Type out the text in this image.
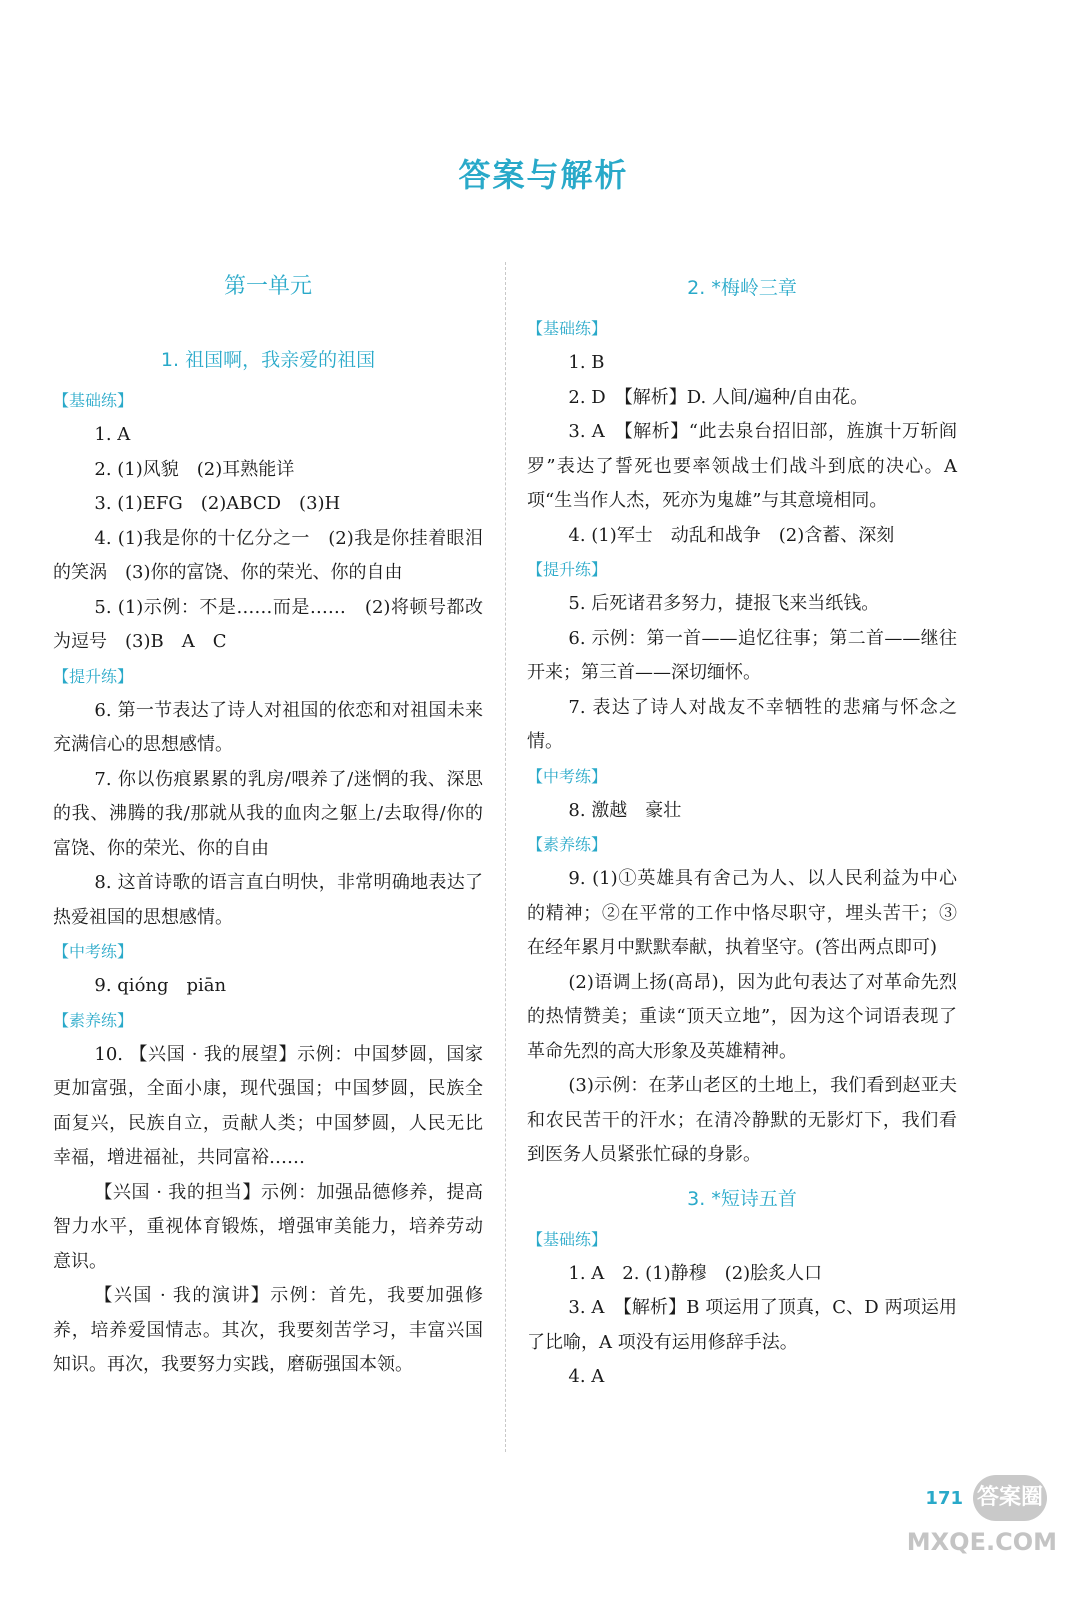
答案与解析
第一单元
1. 祖国啊，我亲爱的祖国
【基础练】
1. A
2. (1)风貌　(2)耳熟能详
3. (1)EFG　(2)ABCD　(3)H
4. (1)我是你的十亿分之一　(2)我是你挂着眼泪的笑涡　(3)你的富饶、你的荣光、你的自由
5. (1)示例：不是……而是……　(2)将顿号都改为逗号　(3)B　A　C
【提升练】
6. 第一节表达了诗人对祖国的依恋和对祖国未来充满信心的思想感情。
7. 你以伤痕累累的乳房/喂养了/迷惘的我、深思的我、沸腾的我/那就从我的血肉之躯上/去取得/你的富饶、你的荣光、你的自由
8. 这首诗歌的语言直白明快，非常明确地表达了热爱祖国的思想感情。
【中考练】
9. qióng　piān
【素养练】
10. 【兴国 · 我的展望】示例：中国梦圆，国家更加富强，全面小康，现代强国；中国梦圆，民族全面复兴，民族自立，贡献人类；中国梦圆，人民无比幸福，增进福祉，共同富裕……
【兴国 · 我的担当】示例：加强品德修养，提高智力水平，重视体育锻炼，增强审美能力，培养劳动意识。
【兴国 · 我的演讲】示例：首先，我要加强修养，培养爱国情志。其次，我要刻苦学习，丰富兴国知识。再次，我要努力实践，磨砺强国本领。
2. *梅岭三章
【基础练】
1. B
2. D　【解析】D. 人间/遍种/自由花。
3. A　【解析】“此去泉台招旧部，旌旗十万斩阎罗”表达了誓死也要率领战士们战斗到底的决心。A 项“生当作人杰，死亦为鬼雄”与其意境相同。
4. (1)军士　动乱和战争　(2)含蓄、深刻
【提升练】
5. 后死诸君多努力，捷报飞来当纸钱。
6. 示例：第一首——追忆往事；第二首——继往开来；第三首——深切缅怀。
7. 表达了诗人对战友不幸牺牲的悲痛与怀念之情。
【中考练】
8. 激越　豪壮
【素养练】
9. (1)①英雄具有舍己为人、以人民利益为中心的精神；②在平常的工作中恪尽职守，埋头苦干；③在经年累月中默默奉献，执着坚守。(答出两点即可)
(2)语调上扬(高昂)，因为此句表达了对革命先烈的热情赞美；重读“顶天立地”，因为这个词语表现了革命先烈的高大形象及英雄精神。
(3)示例：在茅山老区的土地上，我们看到赵亚夫和农民苦干的汗水；在清冷静默的无影灯下，我们看到医务人员紧张忙碌的身影。
3. *短诗五首
【基础练】
1. A　2. (1)静穆　(2)脍炙人口
3. A　【解析】B 项运用了顶真，C、D 两项运用了比喻，A 项没有运用修辞手法。
4. A
171 答案圈
MXQE.COM
